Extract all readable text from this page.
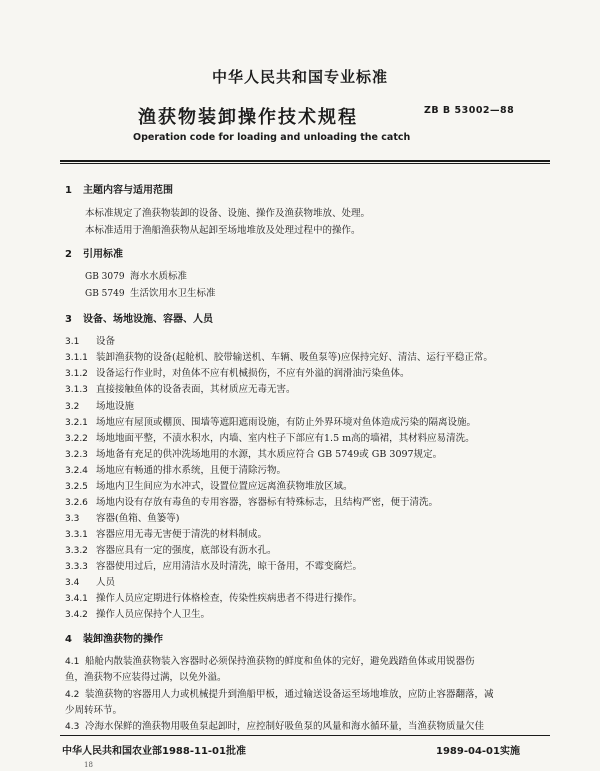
中华人民共和国专业标准
ZB B 53002—88
渔获物装卸操作技术规程
Operation code for loading and unloading the catch
1 主题内容与适用范围
本标准规定了渔获物装卸的设备、设施、操作及渔获物堆放、处理。
本标准适用于渔船渔获物从起卸至场地堆放及处理过程中的操作。
2 引用标准
GB 3079 海水水质标准
GB 5749 生活饮用水卫生标准
3 设备、场地设施、容器、人员
3.1 设备
3.1.1 装卸渔获物的设备(起舱机、胶带输送机、车辆、吸鱼泵等)应保持完好、清洁、运行平稳正常。
3.1.2 设备运行作业时，对鱼体不应有机械损伤，不应有外溢的润滑油污染鱼体。
3.1.3 直接接触鱼体的设备表面，其材质应无毒无害。
3.2 场地设施
3.2.1 场地应有屋顶或棚顶、围墙等遮阳遮雨设施，有防止外界环境对鱼体造成污染的隔离设施。
3.2.2 场地地面平整，不渍水积水，内墙、室内柱子下部应有1.5 m高的墙裙，其材料应易清洗。
3.2.3 场地备有充足的供冲洗场地用的水源，其水质应符合 GB 5749或 GB 3097规定。
3.2.4 场地应有畅通的排水系统，且便于清除污物。
3.2.5 场地内卫生间应为水冲式，设置位置应远离渔获物堆放区域。
3.2.6 场地内设有存放有毒鱼的专用容器，容器标有特殊标志，且结构严密，便于清洗。
3.3 容器(鱼箱、鱼篓等)
3.3.1 容器应用无毒无害便于清洗的材料制成。
3.3.2 容器应具有一定的强度，底部设有沥水孔。
3.3.3 容器使用过后，应用清洁水及时清洗，晾干备用，不霉变腐烂。
3.4 人员
3.4.1 操作人员应定期进行体格检查，传染性疾病患者不得进行操作。
3.4.2 操作人员应保持个人卫生。
4 装卸渔获物的操作
4.1 船舱内散装渔获物装入容器时必须保持渔获物的鲜度和鱼体的完好，避免践踏鱼体或用锐器伤
鱼，渔获物不应装得过满，以免外溢。
4.2 装渔获物的容器用人力或机械提升到渔船甲板，通过输送设备运至场地堆放，应防止容器翻落，减
少周转环节。
4.3 冷海水保鲜的渔获物用吸鱼泵起卸时，应控制好吸鱼泵的风量和海水循环量，当渔获物质量欠佳
中华人民共和国农业部1988-11-01批准	1989-04-01实施
18
